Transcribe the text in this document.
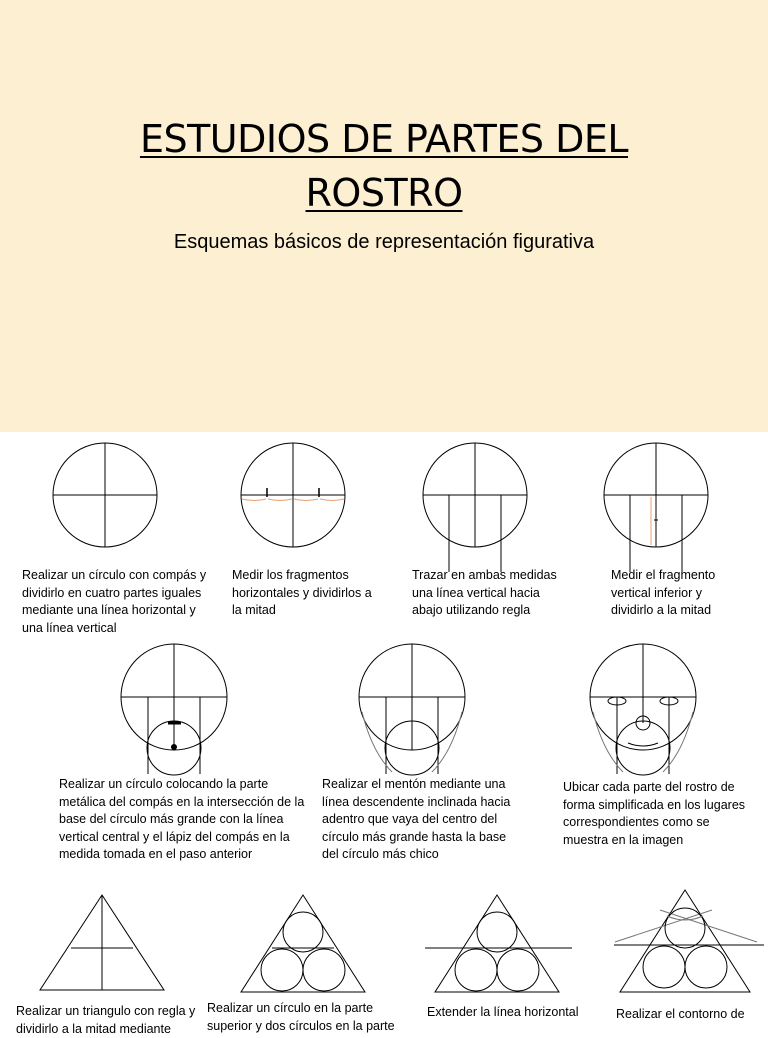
ESTUDIOS DE PARTES DEL ROSTRO
Esquemas básicos de representación figurativa
Realizar un círculo con compás y dividirlo en cuatro partes iguales mediante una línea horizontal y una línea vertical
Medir los fragmentos horizontales y dividirlos a la mitad
Trazar en ambas medidas una línea vertical hacia abajo utilizando regla
Medir el fragmento vertical inferior y dividirlo a la mitad
Realizar un círculo colocando la parte metálica del compás en la intersección de la base del círculo más grande con la línea vertical central y el lápiz del compás en la medida tomada en el paso anterior
Realizar el mentón mediante una línea descendente inclinada hacia adentro que vaya del centro del círculo más grande hasta la base del círculo más chico
Ubicar cada parte del rostro de forma simplificada en los lugares correspondientes como se muestra en la imagen
Realizar un triangulo con regla y dividirlo a la mitad mediante
Realizar un círculo en la parte superior y dos círculos en la parte
Extender la línea horizontal	Realizar el contorno de
